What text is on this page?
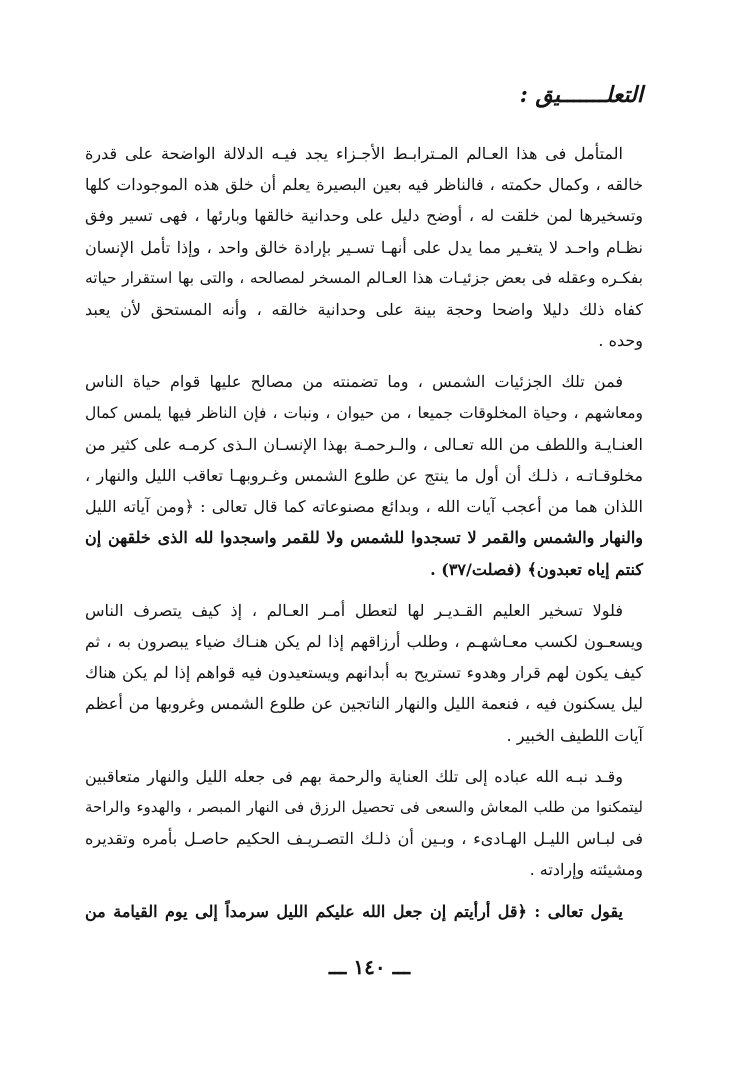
التعلـــــــيق :

المتأمل فى هذا العـالم المـترابـط الأجـزاء يجد فيـه الدلالة الواضحة على قدرة
خالقه ، وكمال حكمته ، فالناظر فيه بعين البصيرة يعلم أن خلق هذه الموجودات كلها
وتسخيرها لمن خلقت له ، أوضح دليل على وحدانية خالقها وبارئها ، فهى تسير وفق
نظـام واحـد لا يتغـير مما يدل على أنهـا تسـير بإرادة خالق واحد ، وإذا تأمل الإنسان
بفكـره وعقله فى بعض جزئيـات هذا العـالم المسخر لمصالحه ، والتى بها استقرار حياته
كفاه ذلك دليلا واضحا وحجة بينة على وحدانية خالقه ، وأنه المستحق لأن يعبد
وحده .

فمن تلك الجزئيات الشمس ، وما تضمنته من مصالح عليها قوام حياة الناس
ومعاشهم ، وحياة المخلوقات جميعا ، من حيوان ، ونبات ، فإن الناظر فيها يلمس كمال
العنـايـة واللطف من الله تعـالى ، والـرحمـة بهذا الإنسـان الـذى كرمـه على كثير من
مخلوقـاتـه ، ذلـك أن أول ما ينتج عن طلوع الشمس وغـروبهـا تعاقب الليل والنهار ،
اللذان هما من أعجب آيات الله ، وبدائع مصنوعاته كما قال تعالى : ﴿ومن آياته الليل
والنهار والشمس والقمر لا تسجدوا للشمس ولا للقمر واسجدوا لله الذى خلقهن إن
كنتم إياه تعبدون﴾ (فصلت/٣٧) .

فلولا تسخير العليم القـديـر لها لتعطل أمـر العـالم ، إذ كيف يتصرف الناس
ويسعـون لكسب معـاشهـم ، وطلب أرزاقهم إذا لم يكن هنـاك ضياء يبصرون به ، ثم
كيف يكون لهم قرار وهدوء تستريح به أبدانهم ويستعيدون فيه قواهم إذا لم يكن هناك
ليل يسكنون فيه ، فنعمة الليل والنهار الناتجين عن طلوع الشمس وغروبها من أعظم
آيات اللطيف الخبير .

وقـد نبـه الله عباده إلى تلك العناية والرحمة بهم فى جعله الليل والنهار متعاقبين
ليتمكنوا من طلب المعاش والسعى فى تحصيل الرزق فى النهار المبصر ، والهدوء والراحة
فى لبـاس الليـل الهـادىء ، وبـين أن ذلـك التصـريـف الحكيم حاصـل بأمره وتقديره
ومشيئته وإرادته .

يقول تعالى : ﴿قل أرأيتم إن جعل الله عليكم الليل سرمداً إلى يوم القيامة من

ـــ ١٤٠ ـــ
